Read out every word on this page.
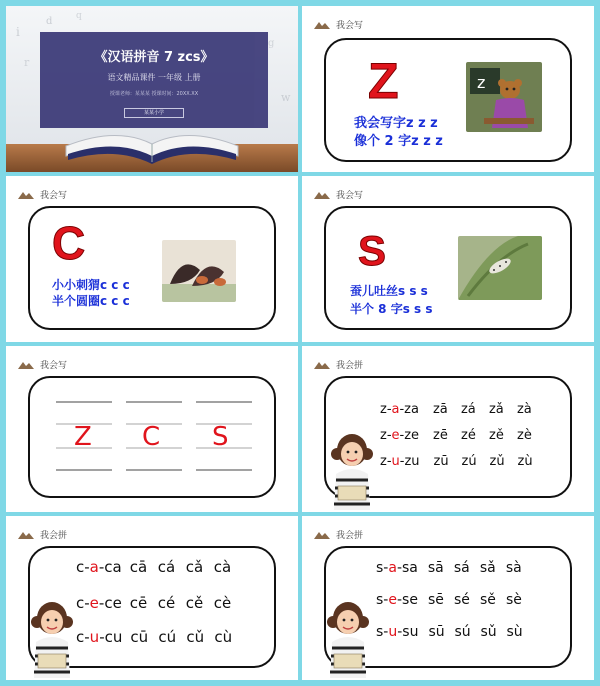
i
d	q
r
w
g
《汉语拼音 7 zcs》
语文精品课件 一年级 上册
授课老师：某某某 授课时间：20XX.XX
某某小学
我会写
Z
我会写字z z z
像个 2 字z z z
z
我会写
C
小小刺猬c c c
半个圆圈c c c
我会写
S
蚕儿吐丝s s s
半个 8 字s s s
我会写
Z C S
我会拼
z- a -za zā	zá	zǎ	zà
z- e -ze zē	zé	zě	zè
z- u -zu zū zú zǔ zù
我会拼
c- a -ca cā cá cǎ cà
c- e -ce cē cé cě cè
c- u -cu cū cú cǔ cù
我会拼
s- a -sa sā sá sǎ sà
s- e -se sē sé sě sè
s- u -su sū sú sǔ sù
